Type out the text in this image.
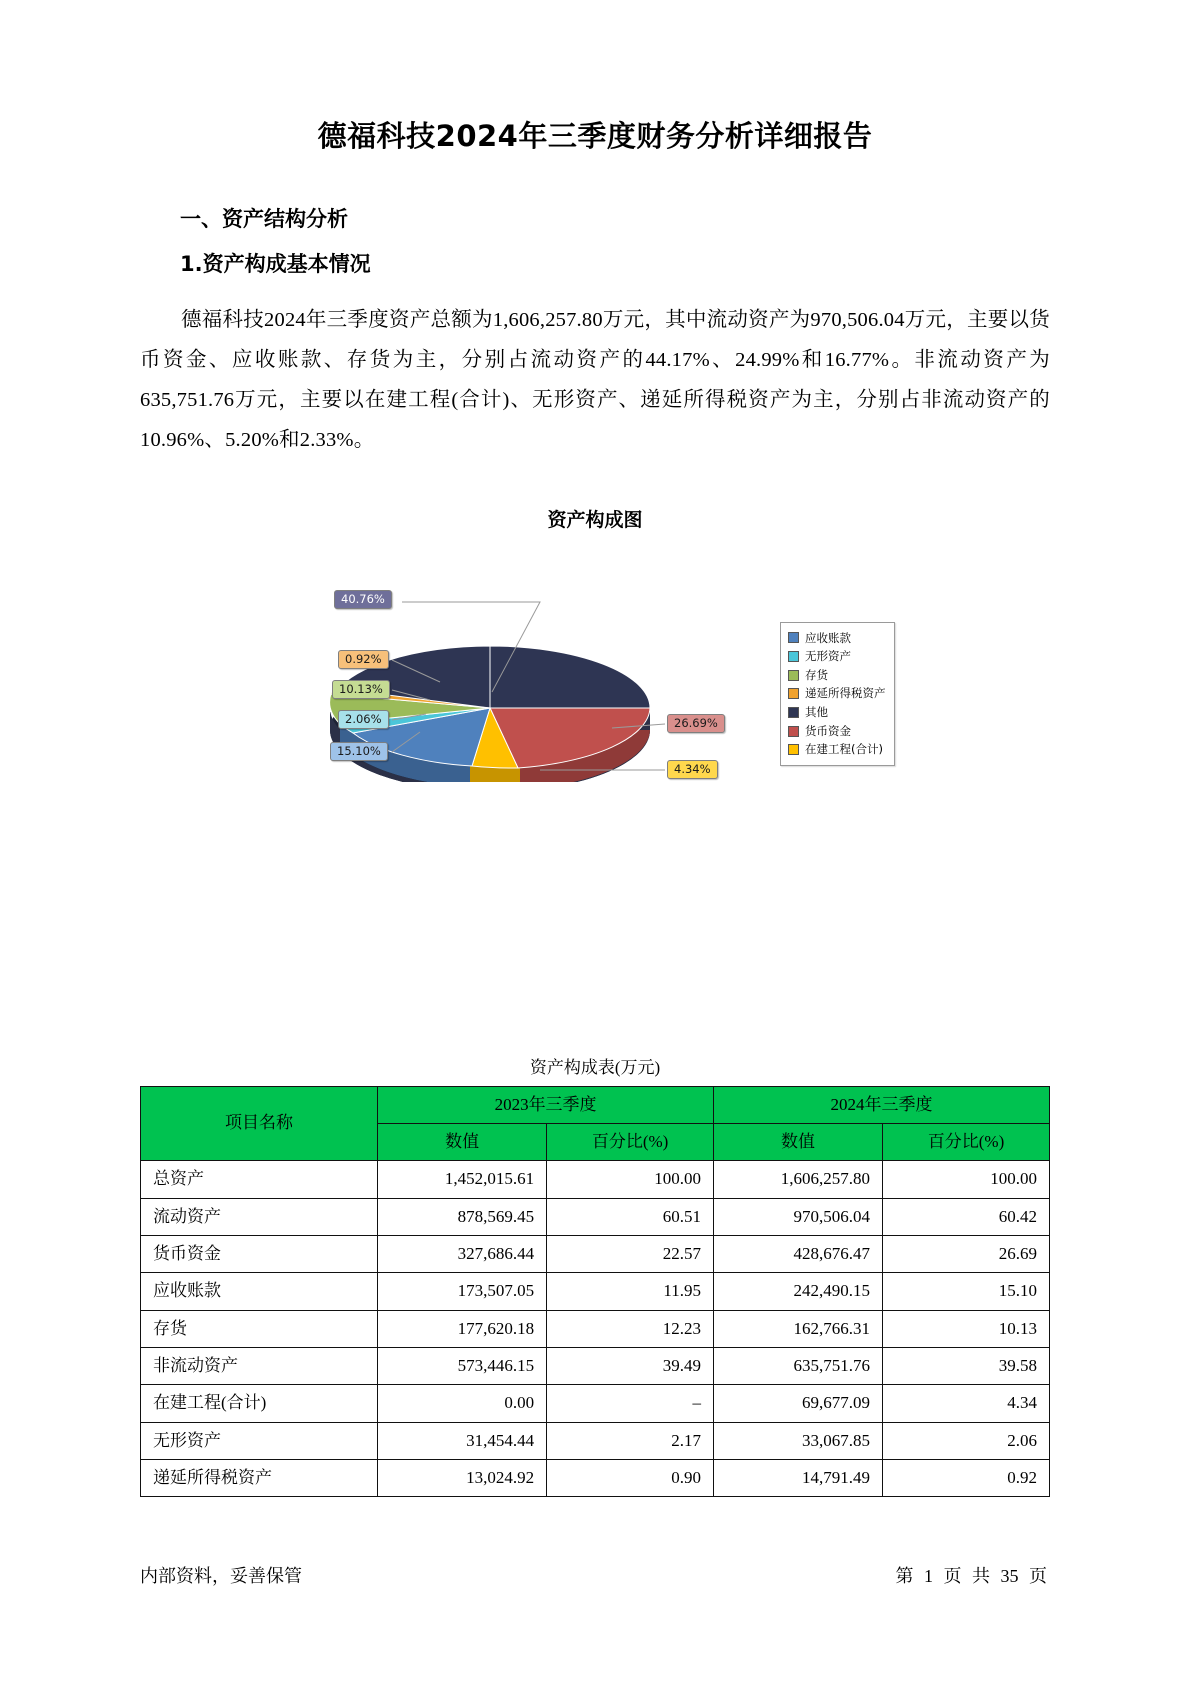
德福科技2024年三季度财务分析详细报告
一、资产结构分析
1.资产构成基本情况

德福科技2024年三季度资产总额为1,606,257.80万元，其中流动资产为970,506.04万元，主要以货币资金、应收账款、存货为主，分别占流动资产的44.17%、24.99%和16.77%。非流动资产为635,751.76万元，主要以在建工程(合计)、无形资产、递延所得税资产为主，分别占非流动资产的10.96%、5.20%和2.33%。

资产构成图
40.76%
0.92%
10.13%
2.06%
15.10%
26.69%
4.34%
应收账款
无形资产
存货
递延所得税资产
其他
货币资金
在建工程(合计)
资产构成表(万元)
项目名称	2023年三季度		2024年三季度	
	数值	百分比(%)	数值	百分比(%)
总资产	1,452,015.61	100.00	1,606,257.80	100.00
流动资产	878,569.45	60.51	970,506.04	60.42
货币资金	327,686.44	22.57	428,676.47	26.69
应收账款	173,507.05	11.95	242,490.15	15.10
存货	177,620.18	12.23	162,766.31	10.13
非流动资产	573,446.15	39.49	635,751.76	39.58
在建工程(合计)	0.00	–	69,677.09	4.34
无形资产	31,454.44	2.17	33,067.85	2.06
递延所得税资产	13,024.92	0.90	14,791.49	0.92
内部资料，妥善保管	第 1 页 共 35 页
